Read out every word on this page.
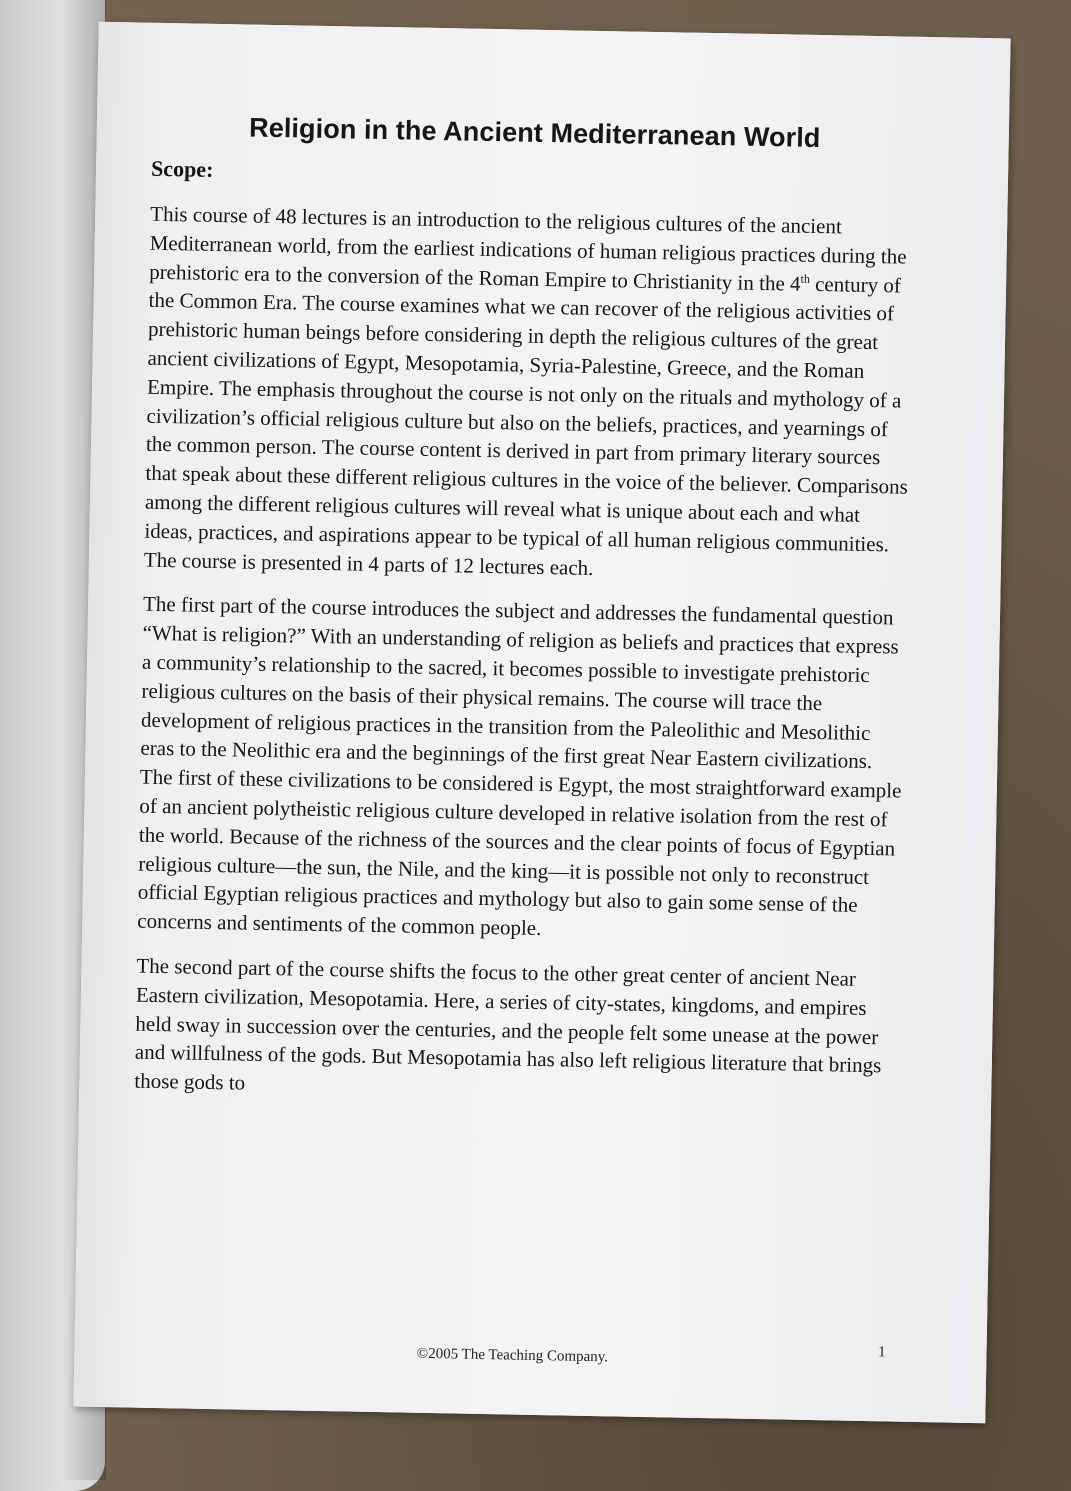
Religion in the Ancient Mediterranean World
Scope:

This course of 48 lectures is an introduction to the religious cultures of the ancient Mediterranean world, from the earliest indications of human religious practices during the prehistoric era to the conversion of the Roman Empire to Christianity in the 4th century of the Common Era. The course examines what we can recover of the religious activities of prehistoric human beings before considering in depth the religious cultures of the great ancient civilizations of Egypt, Mesopotamia, Syria-Palestine, Greece, and the Roman Empire. The emphasis throughout the course is not only on the rituals and mythology of a civilization’s official religious culture but also on the beliefs, practices, and yearnings of the common person. The course content is derived in part from primary literary sources that speak about these different religious cultures in the voice of the believer. Comparisons among the different religious cultures will reveal what is unique about each and what ideas, practices, and aspirations appear to be typical of all human religious communities. The course is presented in 4 parts of 12 lectures each.

The first part of the course introduces the subject and addresses the fundamental question “What is religion?” With an understanding of religion as beliefs and practices that express a community’s relationship to the sacred, it becomes possible to investigate prehistoric religious cultures on the basis of their physical remains. The course will trace the development of religious practices in the transition from the Paleolithic and Mesolithic eras to the Neolithic era and the beginnings of the first great Near Eastern civilizations. The first of these civilizations to be considered is Egypt, the most straightforward example of an ancient polytheistic religious culture developed in relative isolation from the rest of the world. Because of the richness of the sources and the clear points of focus of Egyptian religious culture—the sun, the Nile, and the king—it is possible not only to reconstruct official Egyptian religious practices and mythology but also to gain some sense of the concerns and sentiments of the common people.

The second part of the course shifts the focus to the other great center of ancient Near Eastern civilization, Mesopotamia. Here, a series of city-states, kingdoms, and empires held sway in succession over the centuries, and the people felt some unease at the power and willfulness of the gods. But Mesopotamia has also left religious literature that brings those gods to

©2005 The Teaching Company.	1
